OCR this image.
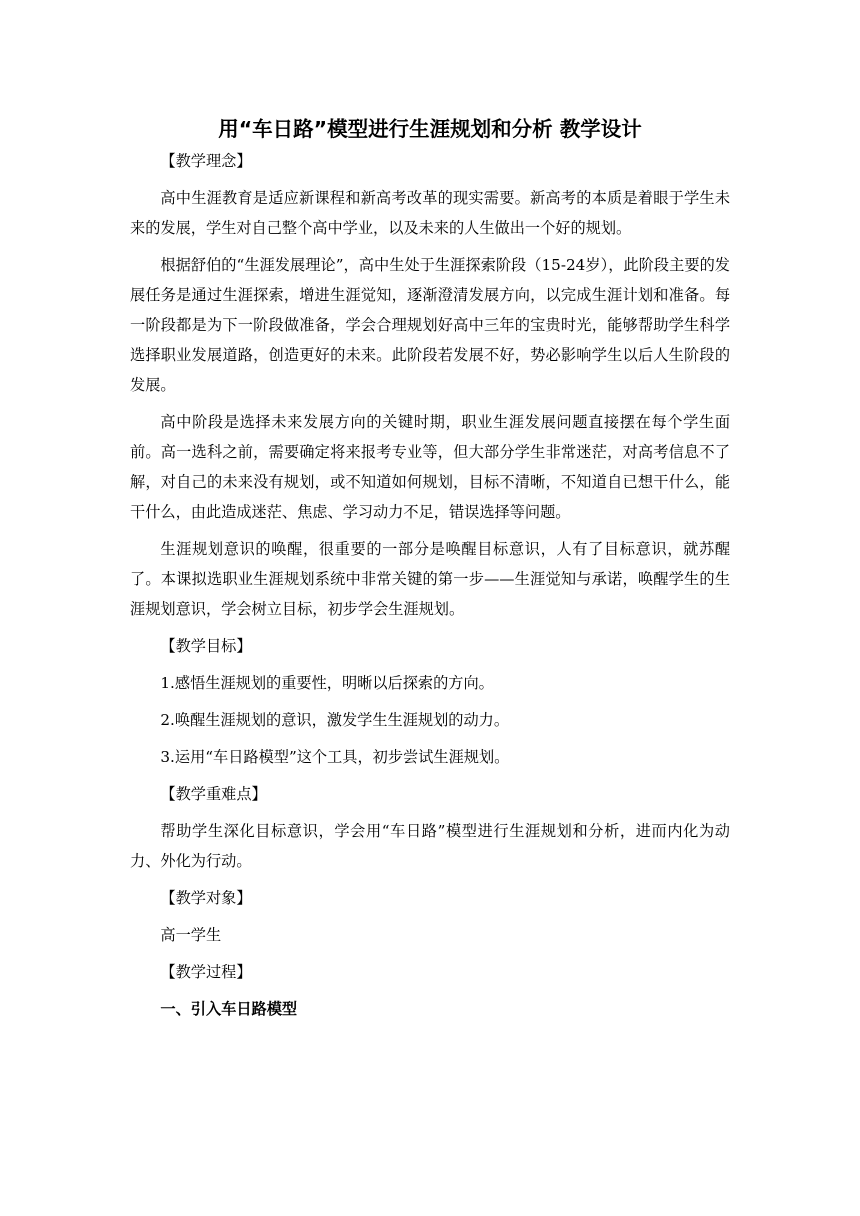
用“车日路”模型进行生涯规划和分析 教学设计
【教学理念】

高中生涯教育是适应新课程和新高考改革的现实需要。新高考的本质是着眼于学生未来的发展，学生对自己整个高中学业，以及未来的人生做出一个好的规划。

根据舒伯的“生涯发展理论”，高中生处于生涯探索阶段（15-24岁），此阶段主要的发展任务是通过生涯探索，增进生涯觉知，逐渐澄清发展方向，以完成生涯计划和准备。每一阶段都是为下一阶段做准备，学会合理规划好高中三年的宝贵时光，能够帮助学生科学选择职业发展道路，创造更好的未来。此阶段若发展不好，势必影响学生以后人生阶段的发展。

高中阶段是选择未来发展方向的关键时期，职业生涯发展问题直接摆在每个学生面前。高一选科之前，需要确定将来报考专业等，但大部分学生非常迷茫，对高考信息不了解，对自己的未来没有规划，或不知道如何规划，目标不清晰，不知道自已想干什么，能干什么，由此造成迷茫、焦虑、学习动力不足，错误选择等问题。

生涯规划意识的唤醒，很重要的一部分是唤醒目标意识，人有了目标意识，就苏醒了。本课拟选职业生涯规划系统中非常关键的第一步——生涯觉知与承诺，唤醒学生的生涯规划意识，学会树立目标，初步学会生涯规划。

【教学目标】
1.感悟生涯规划的重要性，明晰以后探索的方向。
2.唤醒生涯规划的意识，激发学生生涯规划的动力。
3.运用“车日路模型”这个工具，初步尝试生涯规划。
【教学重难点】

帮助学生深化目标意识，学会用“车日路”模型进行生涯规划和分析，进而内化为动力、外化为行动。

【教学对象】
高一学生
【教学过程】
一、引入车日路模型
